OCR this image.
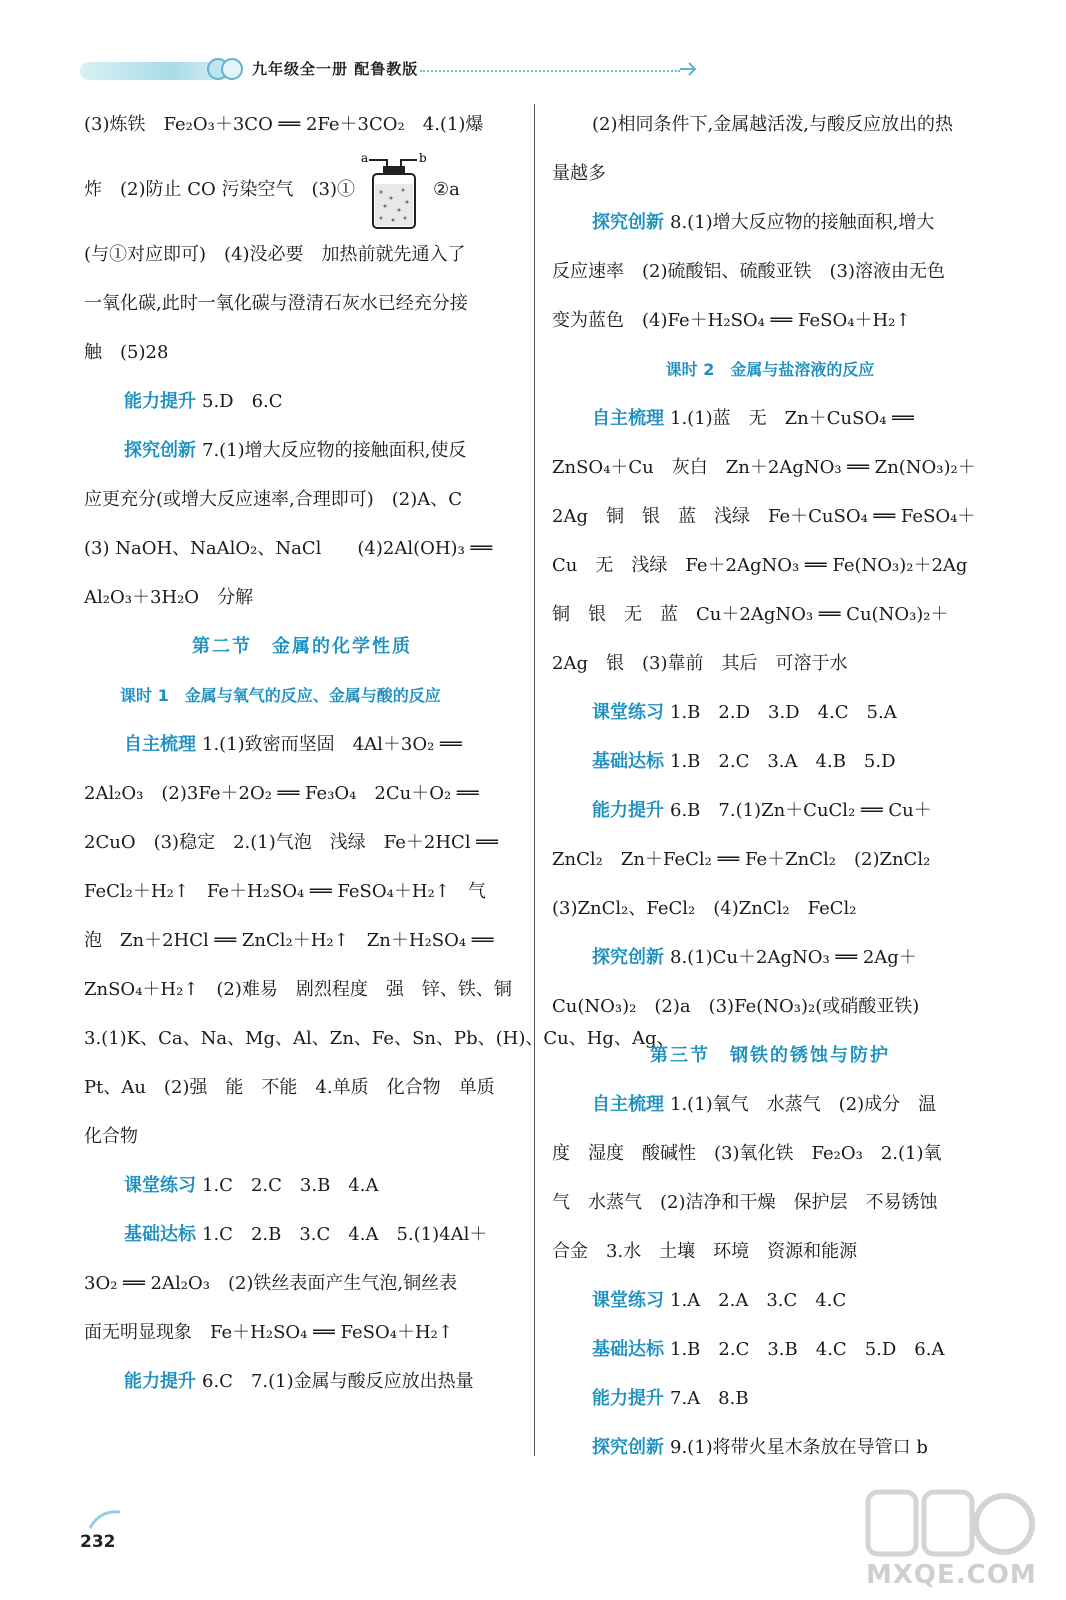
九年级全一册 配鲁教版
(3)炼铁　Fe₂O₃＋3CO ══ 2Fe＋3CO₂　4.(1)爆
炸　(2)防止 CO 污染空气　(3)①
a	b
②a
(与①对应即可)　(4)没必要　加热前就先通入了
一氧化碳,此时一氧化碳与澄清石灰水已经充分接
触　(5)28
能力提升 5.D　6.C
探究创新 7.(1)增大反应物的接触面积,使反
应更充分(或增大反应速率,合理即可)　(2)A、C
(3) NaOH、NaAlO₂、NaCl　　(4)2Al(OH)₃ ══
Al₂O₃＋3H₂O　分解
第二节　金属的化学性质
课时 1　金属与氧气的反应、金属与酸的反应
自主梳理 1.(1)致密而坚固　4Al＋3O₂ ══
2Al₂O₃　(2)3Fe＋2O₂ ══ Fe₃O₄　2Cu＋O₂ ══
2CuO　(3)稳定　2.(1)气泡　浅绿　Fe＋2HCl ══
FeCl₂＋H₂↑　Fe＋H₂SO₄ ══ FeSO₄＋H₂↑　气
泡　Zn＋2HCl ══ ZnCl₂＋H₂↑　Zn＋H₂SO₄ ══
ZnSO₄＋H₂↑　(2)难易　剧烈程度　强　锌、铁、铜
3.(1)K、Ca、Na、Mg、Al、Zn、Fe、Sn、Pb、(H)、Cu、Hg、Ag、
Pt、Au　(2)强　能　不能　4.单质　化合物　单质
化合物
课堂练习 1.C　2.C　3.B　4.A
基础达标 1.C　2.B　3.C　4.A　5.(1)4Al＋
3O₂ ══ 2Al₂O₃　(2)铁丝表面产生气泡,铜丝表
面无明显现象　Fe＋H₂SO₄ ══ FeSO₄＋H₂↑
能力提升 6.C　7.(1)金属与酸反应放出热量
(2)相同条件下,金属越活泼,与酸反应放出的热
量越多
探究创新 8.(1)增大反应物的接触面积,增大
反应速率　(2)硫酸铝、硫酸亚铁　(3)溶液由无色
变为蓝色　(4)Fe＋H₂SO₄ ══ FeSO₄＋H₂↑
课时 2　金属与盐溶液的反应
自主梳理 1.(1)蓝　无　Zn＋CuSO₄ ══
ZnSO₄＋Cu　灰白　Zn＋2AgNO₃ ══ Zn(NO₃)₂＋
2Ag　铜　银　蓝　浅绿　Fe＋CuSO₄ ══ FeSO₄＋
Cu　无　浅绿　Fe＋2AgNO₃ ══ Fe(NO₃)₂＋2Ag
铜　银　无　蓝　Cu＋2AgNO₃ ══ Cu(NO₃)₂＋
2Ag　银　(3)靠前　其后　可溶于水
课堂练习 1.B　2.D　3.D　4.C　5.A
基础达标 1.B　2.C　3.A　4.B　5.D
能力提升 6.B　7.(1)Zn＋CuCl₂ ══ Cu＋
ZnCl₂　Zn＋FeCl₂ ══ Fe＋ZnCl₂　(2)ZnCl₂
(3)ZnCl₂、FeCl₂　(4)ZnCl₂　FeCl₂
探究创新 8.(1)Cu＋2AgNO₃ ══ 2Ag＋
Cu(NO₃)₂　(2)a　(3)Fe(NO₃)₂(或硝酸亚铁)
第三节　钢铁的锈蚀与防护
自主梳理 1.(1)氧气　水蒸气　(2)成分　温
度　湿度　酸碱性　(3)氧化铁　Fe₂O₃　2.(1)氧
气　水蒸气　(2)洁净和干燥　保护层　不易锈蚀
合金　3.水　土壤　环境　资源和能源
课堂练习 1.A　2.A　3.C　4.C
基础达标 1.B　2.C　3.B　4.C　5.D　6.A
能力提升 7.A　8.B
探究创新 9.(1)将带火星木条放在导管口 b
232
MXQE.COM
